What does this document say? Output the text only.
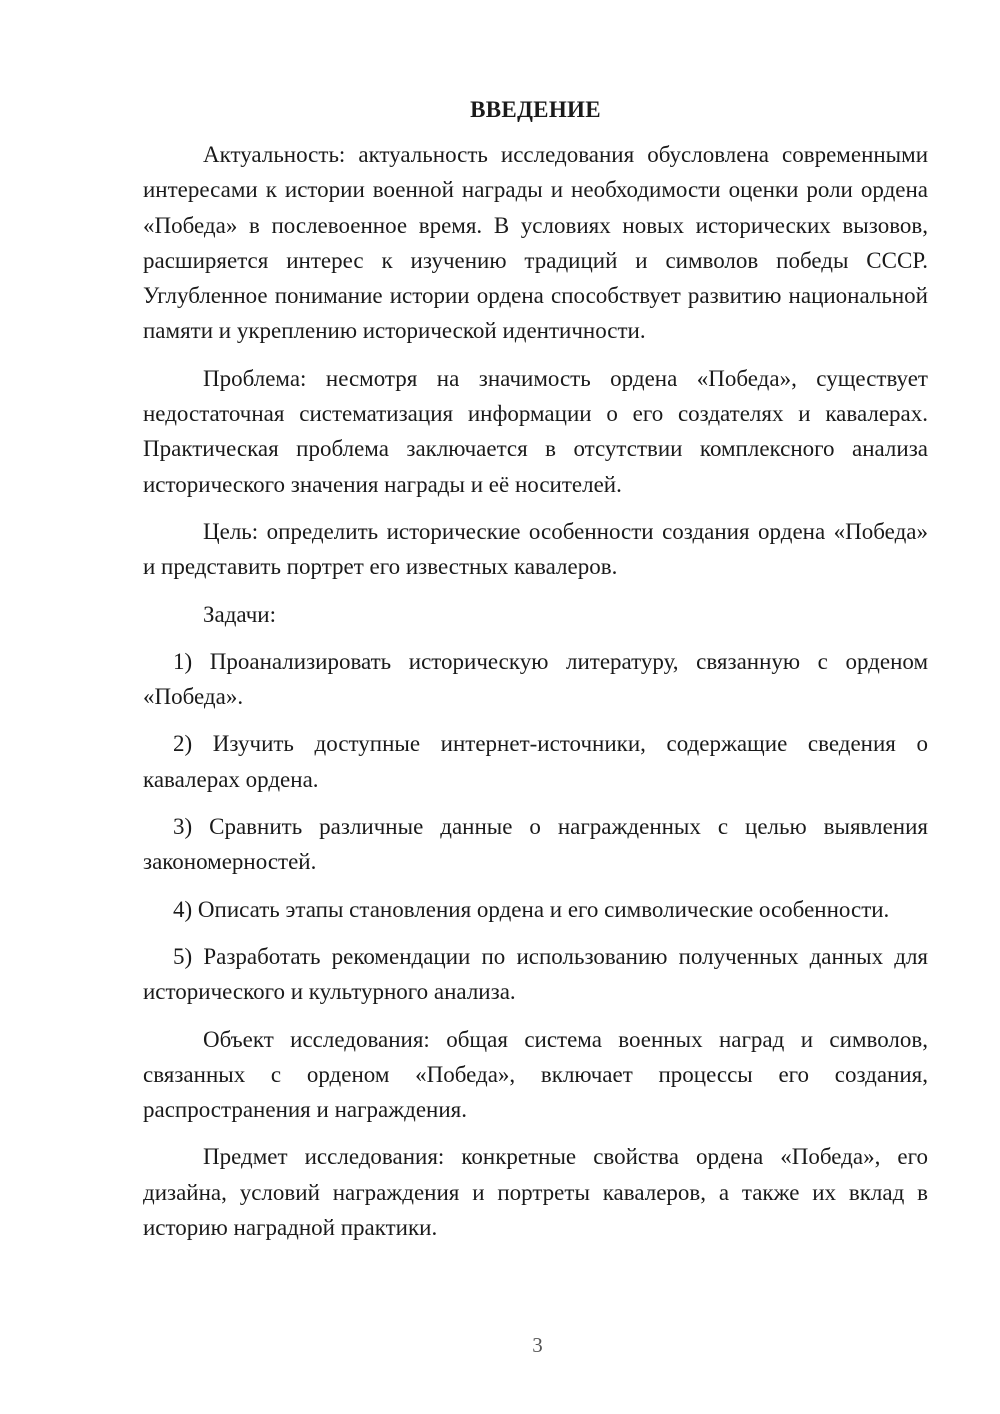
ВВЕДЕНИЕ

Актуальность: актуальность исследования обусловлена современными интересами к истории военной награды и необходимости оценки роли ордена «Победа» в послевоенное время. В условиях новых исторических вызовов, расширяется интерес к изучению традиций и символов победы СССР. Углубленное понимание истории ордена способствует развитию национальной памяти и укреплению исторической идентичности.

Проблема: несмотря на значимость ордена «Победа», существует недостаточная систематизация информации о его создателях и кавалерах. Практическая проблема заключается в отсутствии комплексного анализа исторического значения награды и её носителей.

Цель: определить исторические особенности создания ордена «Победа» и представить портрет его известных кавалеров.

Задачи:

1) Проанализировать историческую литературу, связанную с орденом «Победа».

2) Изучить доступные интернет-источники, содержащие сведения о кавалерах ордена.

3) Сравнить различные данные о награжденных с целью выявления закономерностей.

4) Описать этапы становления ордена и его символические особенности.

5) Разработать рекомендации по использованию полученных данных для исторического и культурного анализа.

Объект исследования: общая система военных наград и символов, связанных с орденом «Победа», включает процессы его создания, распространения и награждения.

Предмет исследования: конкретные свойства ордена «Победа», его дизайна, условий награждения и портреты кавалеров, а также их вклад в историю наградной практики.

3
